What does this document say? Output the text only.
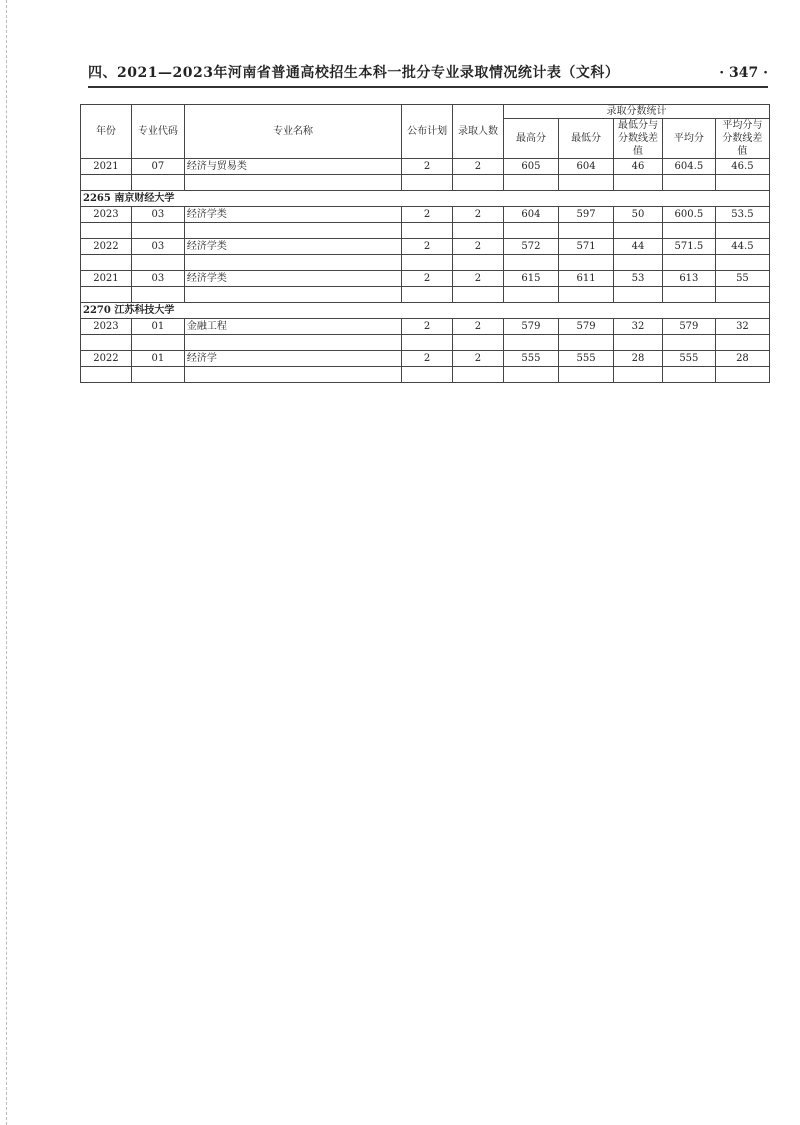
四、2021—2023年河南省普通高校招生本科一批分专业录取情况统计表（文科）	· 347 ·
年份	专业代码	专业名称	公布计划	录取人数	录取分数统计				
					最高分	最低分	最低分与分数线差值	平均分	平均分与分数线差值
2021	07	经济与贸易类	2	2	605	604	46	604.5	46.5

2265 南京财经大学									
2023	03	经济学类	2	2	604	597	50	600.5	53.5

2022	03	经济学类	2	2	572	571	44	571.5	44.5

2021	03	经济学类	2	2	615	611	53	613	55

2270 江苏科技大学									
2023	01	金融工程	2	2	579	579	32	579	32

2022	01	经济学	2	2	555	555	28	555	28
